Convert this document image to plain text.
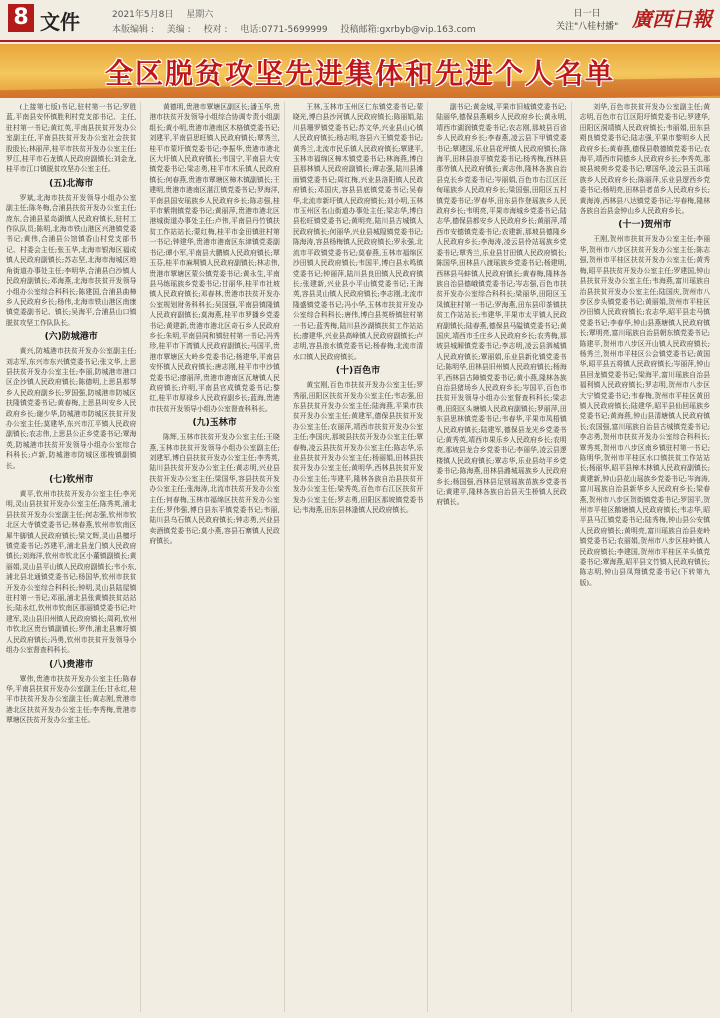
8 文件	2021年5月8日 星期六
本版编辑 : 美编 : 校对 : 电话:0771-5699999 投稿邮箱:gxrbyb@vip.163.com
日一日
关注"八桂村播" 廣西日報
全区脱贫攻坚先进集体和先进个人名单

(上接第七版)书记,驻村第一书记;罗胜蓝,平南县安怀镇胜利村党支部书记、主任,驻村第一书记;黄红英,平南县扶贫开发办公室副主任,平南县扶贫开发办公室社会扶贫股股长;林丽萍,桂平市扶贫开发办公室主任;罗江,桂平市石龙镇人民政府副镇长;刘金龙,桂平市江口镇脱贫攻坚办公室主任。

(五)北海市

罗斌,北海市扶贫开发领导小组办公室副主任;陈冬梅,合浦县扶贫开发办公室主任;庞东,合浦县星岛湖镇人民政府镇长,驻村工作队队员;陈明,北海市铁山港区兴港镇党委书记;黄伟,合浦县公馆镇香山村党支部书记、村委会主任;张玉华,北海市银海区福成镇人民政府副镇长;苏志坚,北海市海城区地角街道办事处主任;李明华,合浦县白沙镇人民政府副镇长;邓海燕,北海市扶贫开发领导小组办公室综合科科长;陈建国,合浦县曲樟乡人民政府乡长;杨伟,北海市铁山港区南康镇党委副书记、镇长;吴海平,合浦县山口镇脱贫攻坚工作队队长。

(六)防城港市

黄兴,防城港市扶贫开发办公室副主任;刘志军,东兴市东兴镇党委书记;张文华,上思县扶贫开发办公室主任;李丽,防城港市港口区企沙镇人民政府镇长;陈德明,上思县那琴乡人民政府副乡长;罗国强,防城港市防城区扶隆镇党委书记;黄春梅,上思县叫安乡人民政府乡长;谢少华,防城港市防城区扶贫开发办公室主任;莫建华,东兴市江平镇人民政府副镇长;农志伟,上思县公正乡党委书记;覃海英,防城港市扶贫开发领导小组办公室综合科科长;卢新,防城港市防城区那梭镇副镇长。

(七)钦州市

黄平,钦州市扶贫开发办公室主任;李光明,灵山县扶贫开发办公室主任;陈秀英,浦北县扶贫开发办公室副主任;何志强,钦州市钦北区大寺镇党委书记;林春燕,钦州市钦南区犀牛脚镇人民政府镇长;梁文辉,灵山县檀圩镇党委书记;苏建平,浦北县龙门镇人民政府镇长;刘海洋,钦州市钦北区小董镇副镇长;黄丽娟,灵山县平山镇人民政府副镇长;韦小东,浦北县北通镇党委书记;杨国华,钦州市扶贫开发办公室综合科科长;钟明,灵山县陆屋镇驻村第一书记;邓丽,浦北县张黄镇扶贫站站长;陆永红,钦州市钦南区那丽镇党委书记;叶建军,灵山县旧州镇人民政府镇长;周莉,钦州市钦北区贵台镇副镇长;罗伟,浦北县寨圩镇人民政府镇长;冯勇,钦州市扶贫开发领导小组办公室督查科科长。

(八)贵港市

覃伟,贵港市扶贫开发办公室主任;陈春华,平南县扶贫开发办公室副主任;甘永红,桂平市扶贫开发办公室副主任;黄志刚,贵港市港北区扶贫开发办公室主任;李秀梅,贵港市覃塘区扶贫开发办公室主任。

黄德明,贵港市覃塘区副区长;潘玉华,贵港市扶贫开发领导小组综合协调专责小组副组长;黄小明,贵港市港南区木格镇党委书记;刘建平,平南县思旺镇人民政府镇长;覃秀兰,桂平市蒙圩镇党委书记;李振华,贵港市港北区大圩镇人民政府镇长;韦国宁,平南县大安镇党委书记;梁志勇,桂平市木乐镇人民政府镇长;何春燕,贵港市覃塘区樟木镇副镇长;王建明,贵港市港南区湛江镇党委书记;罗海洋,平南县国安瑶族乡人民政府乡长;陈志强,桂平市紫荆镇党委书记;黄丽萍,贵港市港北区港城街道办事处主任;卢伟,平南县丹竹镇扶贫工作站站长;蒙红梅,桂平市金田镇驻村第一书记;钟建华,贵港市港南区东津镇党委副书记;谭小军,平南县大鹏镇人民政府镇长;覃玉芬,桂平市麻垌镇人民政府副镇长;林志伟,贵港市覃塘区蒙公镇党委书记;黄永生,平南县马练瑶族乡党委书记;甘丽华,桂平市社坡镇人民政府镇长;邓春林,贵港市扶贫开发办公室规划财务科科长;吴国强,平南县镇隆镇人民政府副镇长;莫海燕,桂平市罗播乡党委书记;黄建新,贵港市港北区奇石乡人民政府乡长;朱明,平南县同和镇驻村第一书记;冯秀珍,桂平市下湾镇人民政府副镇长;马国平,贵港市覃塘区大岭乡党委书记;杨建华,平南县安怀镇人民政府镇长;唐志刚,桂平市中沙镇党委书记;廖丽萍,贵港市港南区瓦塘镇人民政府镇长;许明,平南县官成镇党委书记;黎红,桂平市厚禄乡人民政府副乡长;蓝海,贵港市扶贫开发领导小组办公室督查科科长。

(九)玉林市

陈辉,玉林市扶贫开发办公室主任;王晓燕,玉林市扶贫开发领导小组办公室副主任;刘建军,博白县扶贫开发办公室主任;李秀英,陆川县扶贫开发办公室主任;黄志明,兴业县扶贫开发办公室主任;梁国华,容县扶贫开发办公室主任;张海涛,北流市扶贫开发办公室主任;何春梅,玉林市福绵区扶贫开发办公室主任;罗伟强,博白县东平镇党委书记;韦丽,陆川县乌石镇人民政府镇长;钟志勇,兴业县卖酒镇党委书记;莫小燕,容县石寨镇人民政府镇长。

王林,玉林市玉州区仁东镇党委书记;蒙晓光,博白县沙河镇人民政府镇长;陈丽娟,陆川县珊罗镇党委书记;苏文华,兴业县山心镇人民政府镇长;杨志明,容县六王镇党委书记;黄秀兰,北流市民乐镇人民政府镇长;覃建平,玉林市福绵区樟木镇党委书记;林海燕,博白县那林镇人民政府副镇长;谭志强,陆川县滩面镇党委书记;周红梅,兴业县洛阳镇人民政府镇长;邓国庆,容县县底镇党委书记;吴春华,北流市新圩镇人民政府镇长;刘小明,玉林市玉州区名山街道办事处主任;梁志华,博白县松旺镇党委书记;黄明亮,陆川县古城镇人民政府镇长;何丽华,兴业县城隍镇党委书记;陈海涛,容县杨梅镇人民政府镇长;罗永强,北流市平政镇党委书记;莫春燕,玉林市福绵区沙田镇人民政府镇长;韦国平,博白县水鸣镇党委书记;钟丽萍,陆川县良田镇人民政府镇长;张建新,兴业县小平山镇党委书记;王海英,容县灵山镇人民政府镇长;李志刚,北流市隆盛镇党委书记;冯小华,玉林市扶贫开发办公室综合科科长;唐伟,博白县英桥镇驻村第一书记;蓝秀梅,陆川县沙湖镇扶贫工作站站长;廖建华,兴业县高峰镇人民政府副镇长;卢志明,容县浪水镇党委书记;杨春梅,北流市清水口镇人民政府镇长。

(十)百色市

黄宝刚,百色市扶贫开发办公室主任;罗秀丽,田阳区扶贫开发办公室主任;韦志强,田东县扶贫开发办公室主任;陆海燕,平果市扶贫开发办公室主任;黄建军,德保县扶贫开发办公室主任;农丽萍,靖西市扶贫开发办公室主任;李国庆,那坡县扶贫开发办公室主任;覃春梅,凌云县扶贫开发办公室主任;陈志华,乐业县扶贫开发办公室主任;杨丽娟,田林县扶贫开发办公室主任;黄明华,西林县扶贫开发办公室主任;岑建平,隆林各族自治县扶贫开发办公室主任;梁秀英,百色市右江区扶贫开发办公室主任;罗志勇,田阳区那坡镇党委书记;韦海燕,田东县林逢镇人民政府镇长。

副书记;黄金城,平果市旧城镇党委书记;陆丽华,德保县燕峒乡人民政府乡长;黄永明,靖西市湖润镇党委书记;农志刚,那坡县百省乡人民政府乡长;李春燕,凌云县下甲镇党委书记;覃建国,乐业县花坪镇人民政府镇长;陈海平,田林县浪平镇党委书记;杨秀梅,西林县那劳镇人民政府镇长;黄志伟,隆林各族自治县克长乡党委书记;岑丽娟,百色市右江区汪甸瑶族乡人民政府乡长;梁国强,田阳区五村镇党委书记;罗春华,田东县作登瑶族乡人民政府乡长;韦明亮,平果市海城乡党委书记;陆志华,德保县都安乡人民政府乡长;黄丽萍,靖西市安德镇党委书记;农建新,那坡县德隆乡人民政府乡长;李海涛,凌云县伶站瑶族乡党委书记;覃秀兰,乐业县甘田镇人民政府镇长;陈国华,田林县八渡瑶族乡党委书记;杨建明,西林县马蚌镇人民政府镇长;黄春梅,隆林各族自治县德峨镇党委书记;岑志强,百色市扶贫开发办公室综合科科长;梁丽华,田阳区玉凤镇驻村第一书记;罗海燕,田东县印茶镇扶贫工作站站长;韦建华,平果市太平镇人民政府副镇长;陆春燕,德保县马隘镇党委书记;黄国庆,靖西市壬庄乡人民政府乡长;农秀梅,那坡县城厢镇党委书记;李志明,凌云县泗城镇人民政府镇长;覃丽娟,乐业县新化镇党委书记;陈明华,田林县旧州镇人民政府镇长;杨海平,西林县古障镇党委书记;黄小燕,隆林各族自治县猪场乡人民政府乡长;岑国平,百色市扶贫开发领导小组办公室督查科科长;梁志勇,田阳区头塘镇人民政府副镇长;罗丽萍,田东县思林镇党委书记;韦春华,平果市凤梧镇人民政府镇长;陆建军,德保县龙光乡党委书记;黄秀英,靖西市果乐乡人民政府乡长;农明亮,那坡县龙合乡党委书记;李丽华,凌云县逻楼镇人民政府镇长;覃志华,乐业县幼平乡党委书记;陈海燕,田林县潞城瑶族乡人民政府乡长;杨国强,西林县足别瑶族苗族乡党委书记;黄建平,隆林各族自治县天生桥镇人民政府镇长。

刘华,百色市扶贫开发办公室副主任;黄志明,百色市右江区阳圩镇党委书记;罗建华,田阳区洞靖镇人民政府镇长;韦丽娟,田东县朔良镇党委书记;陆志强,平果市黎明乡人民政府乡长;黄春燕,德保县敬德镇党委书记;农海平,靖西市同德乡人民政府乡长;李秀英,那坡县坡荷乡党委书记;覃国华,凌云县玉洪瑶族乡人民政府乡长;陈丽萍,乐业县逻西乡党委书记;杨明亮,田林县者苗乡人民政府乡长;黄海涛,西林县八达镇党委书记;岑春梅,隆林各族自治县金钟山乡人民政府乡长。

(十一)贺州市

王刚,贺州市扶贫开发办公室主任;李丽华,贺州市八步区扶贫开发办公室主任;陈志强,贺州市平桂区扶贫开发办公室主任;黄秀梅,昭平县扶贫开发办公室主任;罗建国,钟山县扶贫开发办公室主任;韦海燕,富川瑶族自治县扶贫开发办公室主任;陆国庆,贺州市八步区步头镇党委书记;黄丽娟,贺州市平桂区沙田镇人民政府镇长;农志华,昭平县走马镇党委书记;李春华,钟山县燕塘镇人民政府镇长;覃明亮,富川瑶族自治县朝东镇党委书记;陈建平,贺州市八步区开山镇人民政府镇长;杨秀兰,贺州市平桂区公会镇党委书记;黄国华,昭平县五将镇人民政府镇长;岑丽萍,钟山县回龙镇党委书记;梁海平,富川瑶族自治县福利镇人民政府镇长;罗志明,贺州市八步区大宁镇党委书记;韦春梅,贺州市平桂区黄田镇人民政府镇长;陆建华,昭平县仙回瑶族乡党委书记;黄海燕,钟山县清塘镇人民政府镇长;农国强,富川瑶族自治县古城镇党委书记;李志勇,贺州市扶贫开发办公室综合科科长;覃秀英,贺州市八步区南乡镇驻村第一书记;陈明华,贺州市平桂区水口镇扶贫工作站站长;杨丽华,昭平县樟木林镇人民政府副镇长;黄建新,钟山县花山瑶族乡党委书记;岑海涛,富川瑶族自治县新华乡人民政府乡长;梁春燕,贺州市八步区贺街镇党委书记;罗国平,贺州市平桂区鹅塘镇人民政府镇长;韦志华,昭平县马江镇党委书记;陆秀梅,钟山县公安镇人民政府镇长;黄明亮,富川瑶族自治县麦岭镇党委书记;农丽娟,贺州市八步区桂岭镇人民政府镇长;李建国,贺州市平桂区羊头镇党委书记;覃海燕,昭平县文竹镇人民政府镇长;陈志明,钟山县凤翔镇党委书记(下转第九版)。
